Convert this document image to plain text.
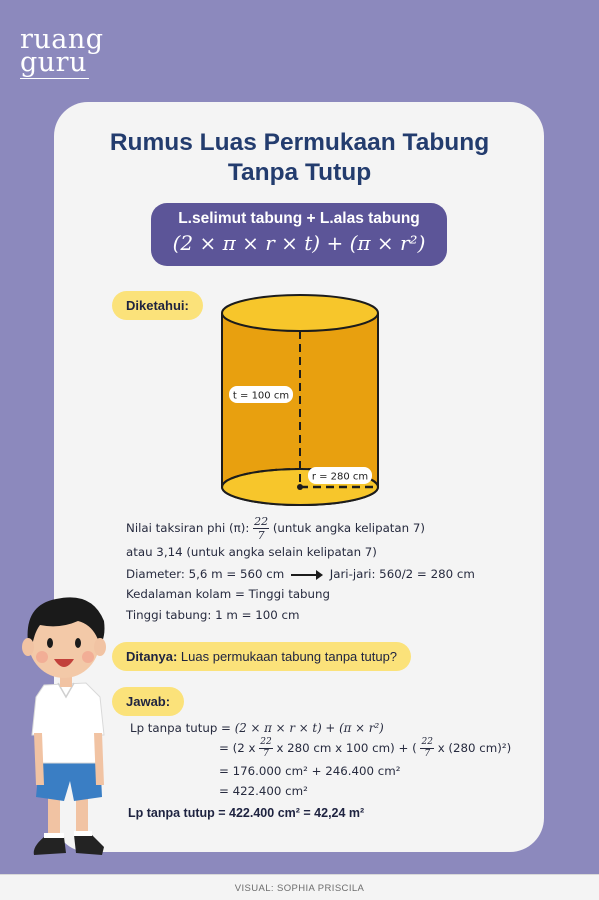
ruang
guru
Rumus Luas Permukaan Tabung
Tanpa Tutup
L.selimut tabung + L.alas tabung
(2 × π × r × t) + (π × r²)
Diketahui:
t = 100 cm
r = 280 cm
Nilai taksiran phi (π): $\frac{22}{7}$ (untuk angka kelipatan 7)
atau 3,14 (untuk angka selain kelipatan 7)
Diameter: 5,6 m = 560 cm	Jari-jari: 560/2 = 280 cm
Kedalaman kolam = Tinggi tabung
Tinggi tabung: 1 m = 100 cm
Ditanya: Luas permukaan tabung tanpa tutup?
Jawab:
Lp tanpa tutup = (2 × π × r × t) + (π × r²)
= (2 x $\frac{22}{7}$ x 280 cm x 100 cm) + ( $\frac{22}{7}$ x (280 cm)²)
= 176.000 cm² + 246.400 cm²
= 422.400 cm²
Lp tanpa tutup = 422.400 cm² = 42,24 m²
VISUAL: SOPHIA PRISCILA
